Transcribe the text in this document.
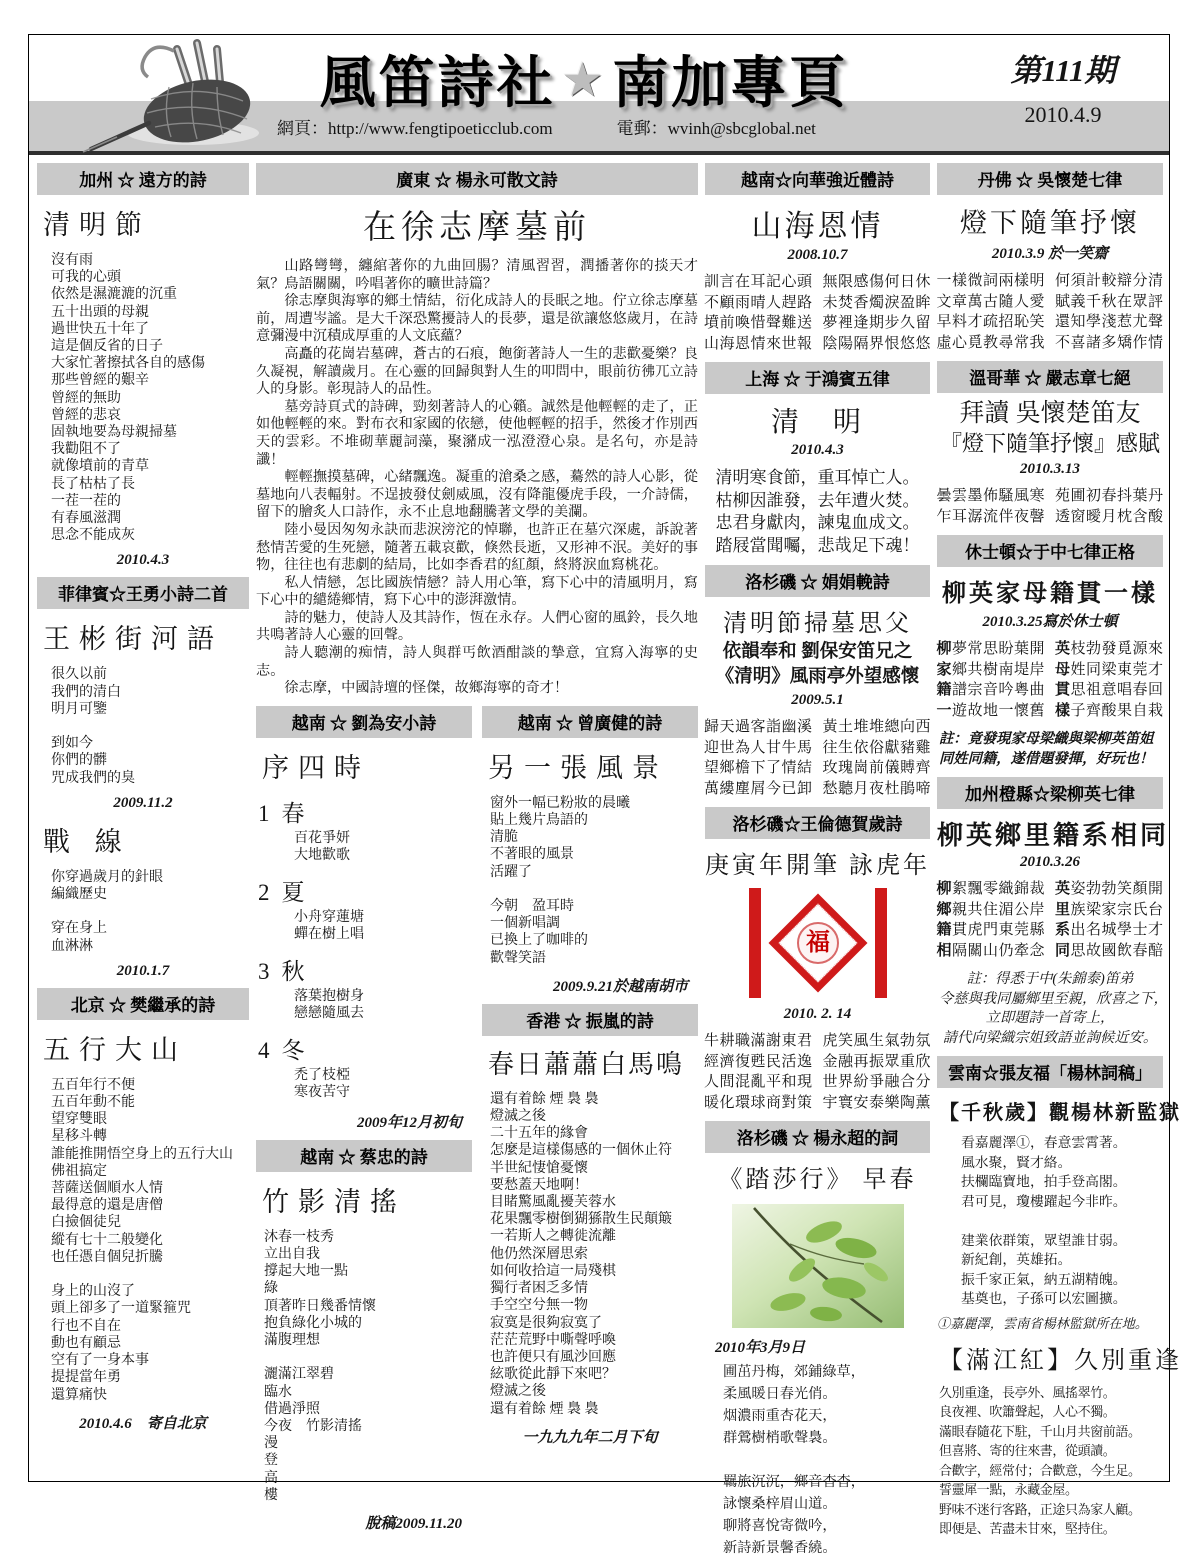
風笛詩社 ★ 南加專頁
網頁：http://www.fengtipoeticclub.com	電郵：wvinh@sbcglobal.net
第111期
2010.4.9
加州 ☆ 遠方的詩
清明節
沒有雨
可我的心頭
依然是濕漉漉的沉重
五十出頭的母親
過世快五十年了
這是個反省的日子
大家忙著擦拭各自的感傷
那些曾經的艱辛
曾經的無助
曾經的悲哀
固執地要為母親掃墓
我勸阻不了
就像墳前的青草
長了枯枯了長
一茬一茬的
有春風滋潤
思念不能成灰
2010.4.3
菲律賓☆王勇小詩二首
王彬街河語
很久以前
我們的清白
明月可鑒
到如今
你們的髒
咒成我們的臭
2009.11.2
戰 線
你穿過歲月的針眼
編織歷史
穿在身上
血淋淋
2010.1.7
北京 ☆ 樊繼承的詩
五行大山
五百年行不便
五百年動不能
望穿雙眼
星移斗轉
誰能推開悟空身上的五行大山
佛祖搞定
菩薩送個順水人情
最得意的還是唐僧
白撿個徒兒
縱有七十二般變化
也任憑自個兒折騰
身上的山沒了
頭上卻多了一道緊箍咒
行也不自在
動也有顧忌
空有了一身本事
提提當年勇
還算痛快
2010.4.6　寄自北京
廣東 ☆ 楊永可散文詩
在徐志摩墓前

山路彎彎，纏綰著你的九曲回腸？清風習習，潤播著你的掞天才氣？鳥語關關，吟唱著你的曠世詩篇？

徐志摩與海寧的鄉土情結，衍化成詩人的長眠之地。佇立徐志摩墓前，周遭岑謐。是大千深恐驚擾詩人的長夢，還是欲讓悠悠歲月，在詩意彌漫中沉積成厚重的人文底蘊？

高矗的花崗岩墓碑，蒼古的石痕，飽銜著詩人一生的悲歡憂樂？良久凝視，解讀歲月。在心靈的回歸與對人生的叩問中，眼前彷彿兀立詩人的身影。彰現詩人的品性。

墓旁詩頁式的詩碑，勁刻著詩人的心籟。誠然是他輕輕的走了，正如他輕輕的來。對布衣和家國的依戀，使他輕輕的招手，然後才作別西天的雲彩。不堆砌華麗詞藻，聚瀦成一泓澄澄心泉。是名句，亦是詩讖！

輕輕撫摸墓碑，心緒飄逸。凝重的滄桑之感，驀然的詩人心影，從墓地向八表輻射。不逞披發仗劍威風，沒有降龍優虎手段，一介詩儒，留下的膾炙人口詩作，永不止息地翻騰著文學的美瀾。

陸小曼因匆匆永訣而悲淚滂沱的悼聯，也許正在墓穴深處，訴說著愁情苦愛的生死戀，隨著五載哀歡，倏然長逝，又形神不泯。美好的事物，往往也有悲劇的結局，比如李香君的紅顏，終將淚血寫桃花。

私人情戀，怎比國族情戀？詩人用心筆，寫下心中的清風明月，寫下心中的繾綣鄉情，寫下心中的澎湃激情。

詩的魅力，使詩人及其詩作，恆在永存。人們心窗的風鈴，長久地共鳴著詩人心靈的回聲。

詩人聽潮的痴情，詩人與群丐飲酒酣談的摯意，宜寫入海寧的史志。

徐志摩，中國詩壇的怪傑，故鄉海寧的奇才！

越南 ☆ 劉為安小詩
序四時
1 春
百花爭妍
大地歡歌
2 夏
小舟穿蓮塘
蟬在樹上唱
3 秋
落葉抱樹身
戀戀隨風去
4 冬
禿了枝椏
寒夜苦守
2009年12月初旬
越南 ☆ 蔡忠的詩
竹影清搖
沐春一枝秀
立出自我
撐起大地一點
綠
頂著昨日幾番情懷
抱負綠化小城的
滿腹理想
灑滿江翠碧
臨水
借過淨照
今夜　竹影清搖
漫
登
高
樓
脫稿2009.11.20
越南 ☆ 曾廣健的詩
另一張風景
窗外一幅已粉妝的晨曦
貼上幾片鳥語的
清脆
不著眼的風景
活躍了
今朝　盈耳時
一個新唱調
已換上了咖啡的
歡聲笑語
2009.9.21於越南胡市
香港 ☆ 振嵐的詩
春日蕭蕭白馬鳴
還有着餘 煙 裊 裊
燈滅之後
二十五年的緣會
怎麼是這樣傷感的一個休止符
半世紀悽愴憂懷
要愁蓋天地啊！
目睹驚風亂擾芙蓉水
花果飄零樹倒猢猻散生民顛簸
一若斯人之轉徙流離
他仍然深層思索
如何收拾這一局殘棋
獨行者困乏多情
手空空兮無一物
寂寞是很夠寂寞了
茫茫荒野中嘶聲呼喚
也許便只有風沙回應
絃歌從此靜下來吧？
燈滅之後
還有着餘 煙 裊 裊
一九九九年二月下旬
越南☆向華強近體詩
山海恩情
2008.10.7
訓言在耳記心頭 無限感傷何日休
不顧雨晴人趕路 未焚香燭淚盈眸
墳前喚惜聲難送 夢裡逢期步久留
山海恩情來世報 陰陽隔界恨悠悠
上海 ☆ 于鴻賓五律
清　明
2010.4.3
清明寒食節，重耳悼亡人。
枯柳因誰發，去年遭火焚。
忠君身獻肉，諫鬼血成文。
踏屐當聞囑，悲哉足下魂！
洛杉磯 ☆ 娟娟輓詩
清明節掃墓思父
依韻奉和 劉保安笛兄之
《清明》風雨亭外望感懷
2009.5.1
歸天過客詣幽溪 黃土堆堆總向西
迎世為人甘牛馬 往生依俗獻豬雞
望鄉檐下了情結 玫瑰崗前儀賻齊
萬縷塵屑今已卸 愁聽月夜杜鵑啼
洛杉磯☆王倫德賀歲詩
庚寅年開筆 詠虎年
福
2010. 2. 14
牛耕職滿謝東君 虎笑風生氣勃氛
經濟復甦民活逸 金融再振眾重欣
人間混亂平和現 世界紛爭融合分
暖化環球商對策 宇寰安泰樂陶薰
洛杉磯 ☆ 楊永超的詞
《踏莎行》 早春
2010年3月9日
圃茁丹梅，郊鋪綠草，
柔風暖日春光俏。
烟濃雨重杏花天，
群鶯樹梢歌聲裊。
羈旅沉沉，鄉音杳杳，
詠懷桑梓眉山道。
聊將喜悅寄微吟，
新詩新景馨香繞。
丹佛 ☆ 吳懷楚七律
燈下隨筆抒懷
2010.3.9 於一笑齋
一樣微詞兩樣明 何須計較辯分清
文章萬古隨人愛 賦義千秋在眾評
早料才疏招恥笑 還知學淺惹尤聲
虛心覓教尋常我 不喜諸多矯作情
溫哥華 ☆ 嚴志章七絕
拜讀 吳懷楚笛友
『燈下隨筆抒懷』感賦
2010.3.13
曇雲墨佈騷風寒 苑圃初春抖葉丹
乍耳潺流伴夜韾 透窗曖月枕含酸
休士頓☆于中七律正格
柳英家母籍貫一樣
2010.3.25寫於休士頓
柳夢常思盼葉開 英枝勃發覓源來
家鄉共樹南堤岸 母姓同梁東莞才
籍譜宗音吟粵曲 貫思祖意唱春回
一遊故地一懷舊 樣子齊酸果自栽
註：竟發現家母梁織與梁柳英笛姐
同姓同籍，遂借題發揮，好玩也！
加州橙縣☆梁柳英七律
柳英鄉里籍系相同
2010.3.26
柳絮飄零織錦裁 英姿勃勃笑顏開
鄉親共住湄公岸 里族梁家宗氏台
籍貫虎門東莞縣 系出名城學士才
相隔關山仍牽念 同思故國飲春醅
註：得悉于中(朱錦泰)笛弟
令慈與我同屬鄉里至親，欣喜之下，
立即題詩一首寄上，
請代向梁織宗姐致語並詢候近安。
雲南☆張友福「楊林詞稿」
【千秋歲】觀楊林新監獄
看嘉麗澤①，春意雲霄著。
風水聚，賢才絡。
扶欄臨寶地，拍手登高閣。
君可見，瓊樓躍起今非昨。
建業依群策，眾望誰甘弱。
新紀創，英雄拓。
振千家正氣，納五湖精魄。
基奠也，子孫可以宏圖擴。
①嘉麗澤，雲南省楊林監獄所在地。
【滿江紅】久別重逢
久別重逢，長亭外、風搖翠竹。
良夜裡、吹簫聲起，人心不獨。
滿眼春隨花下駐，千山月共窗前語。
但喜將、寄的往來書，從頭讀。
合歡字，經常付；合歡意，今生足。
誓靈犀一點，永藏金屋。
野味不迷行客路，正途只為家人顧。
即便是、苦盡未甘來，堅持住。
